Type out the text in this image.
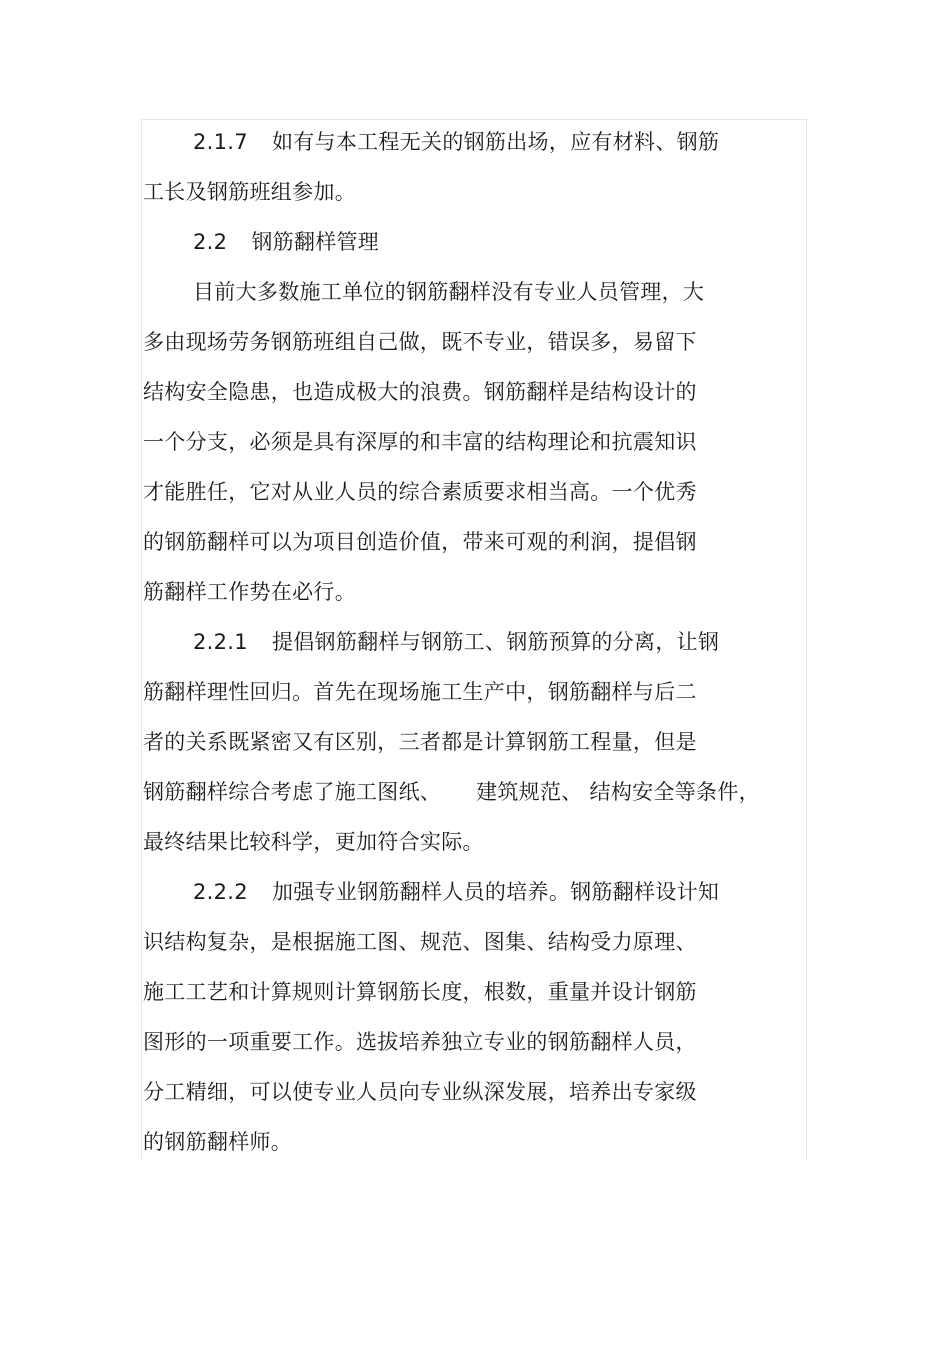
2.1.7 如有与本工程无关的钢筋出场，应有材料、钢筋
工长及钢筋班组参加。
2.2 钢筋翻样管理
目前大多数施工单位的钢筋翻样没有专业人员管理，大
多由现场劳务钢筋班组自己做，既不专业，错误多，易留下
结构安全隐患，也造成极大的浪费。钢筋翻样是结构设计的
一个分支，必须是具有深厚的和丰富的结构理论和抗震知识
才能胜任，它对从业人员的综合素质要求相当高。一个优秀
的钢筋翻样可以为项目创造价值，带来可观的利润，提倡钢
筋翻样工作势在必行。
2.2.1 提倡钢筋翻样与钢筋工、钢筋预算的分离，让钢
筋翻样理性回归。首先在现场施工生产中，钢筋翻样与后二
者的关系既紧密又有区别，三者都是计算钢筋工程量，但是
钢筋翻样综合考虑了施工图纸、     建筑规范、 结构安全等条件，
最终结果比较科学，更加符合实际。
2.2.2 加强专业钢筋翻样人员的培养。钢筋翻样设计知
识结构复杂，是根据施工图、规范、图集、结构受力原理、
施工工艺和计算规则计算钢筋长度，根数，重量并设计钢筋
图形的一项重要工作。选拔培养独立专业的钢筋翻样人员，
分工精细，可以使专业人员向专业纵深发展，培养出专家级
的钢筋翻样师。
